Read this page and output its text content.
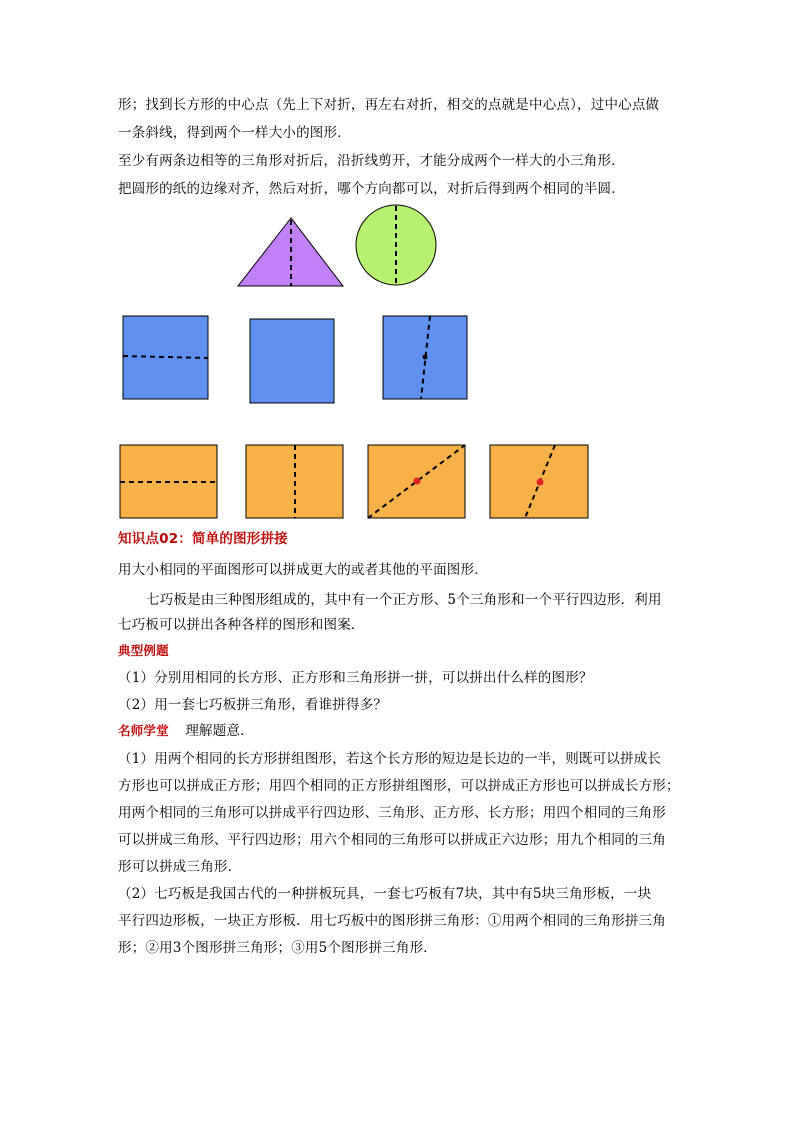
形；找到长方形的中心点（先上下对折，再左右对折，相交的点就是中心点），过中心点做
一条斜线，得到两个一样大小的图形．
至少有两条边相等的三角形对折后，沿折线剪开，才能分成两个一样大的小三角形．
把圆形的纸的边缘对齐，然后对折，哪个方向都可以，对折后得到两个相同的半圆．
知识点02：简单的图形拼接
用大小相同的平面图形可以拼成更大的或者其他的平面图形．
七巧板是由三种图形组成的，其中有一个正方形、5个三角形和一个平行四边形．利用
七巧板可以拼出各种各样的图形和图案．
典型例题
（1）分别用相同的长方形、正方形和三角形拼一拼，可以拼出什么样的图形？
（2）用一套七巧板拼三角形，看谁拼得多？
名师学堂 理解题意．
（1）用两个相同的长方形拼组图形，若这个长方形的短边是长边的一半，则既可以拼成长
方形也可以拼成正方形；用四个相同的正方形拼组图形，可以拼成正方形也可以拼成长方形；
用两个相同的三角形可以拼成平行四边形、三角形、正方形、长方形；用四个相同的三角形
可以拼成三角形、平行四边形；用六个相同的三角形可以拼成正六边形；用九个相同的三角
形可以拼成三角形．
（2）七巧板是我国古代的一种拼板玩具，一套七巧板有7块，其中有5块三角形板，一块
平行四边形板，一块正方形板．用七巧板中的图形拼三角形：①用两个相同的三角形拼三角
形；②用3个图形拼三角形；③用5个图形拼三角形．
